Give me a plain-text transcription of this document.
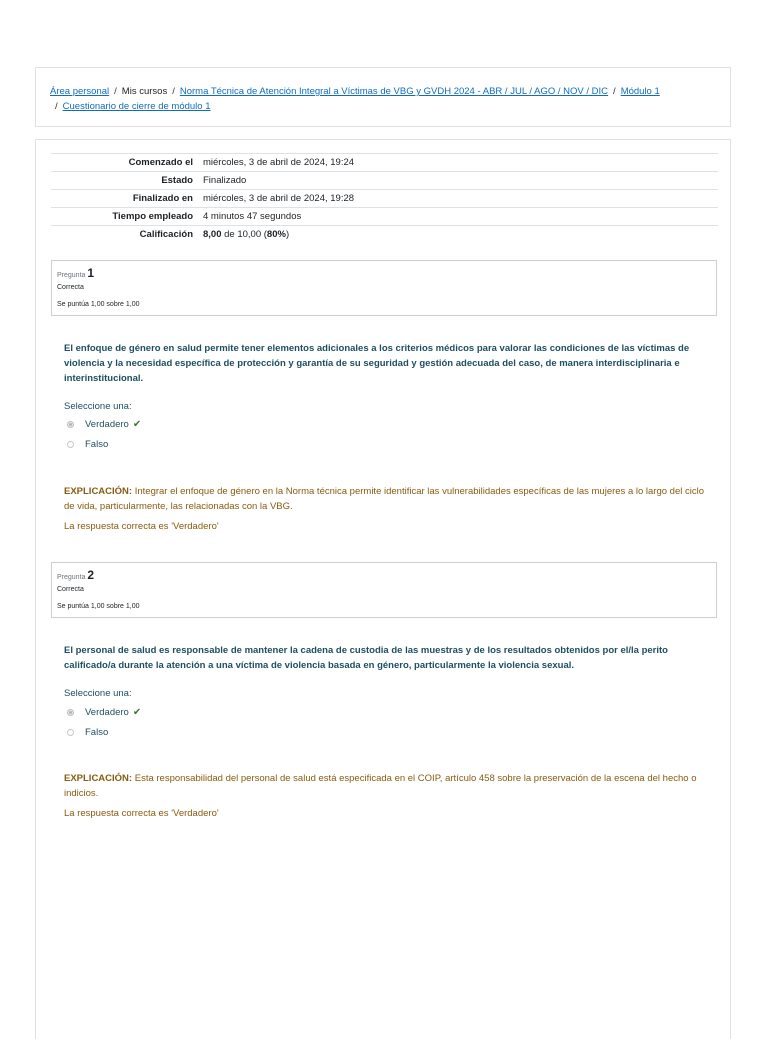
Área personal / Mis cursos / Norma Técnica de Atención Integral a Víctimas de VBG y GVDH 2024 - ABR / JUL / AGO / NOV / DIC / Módulo 1
/ Cuestionario de cierre de módulo 1
Comenzado el	miércoles, 3 de abril de 2024, 19:24
Estado	Finalizado
Finalizado en	miércoles, 3 de abril de 2024, 19:28
Tiempo empleado	4 minutos 47 segundos
Calificación	8,00 de 10,00 (80%)
Pregunta 1
Correcta
Se puntúa 1,00 sobre 1,00
El enfoque de género en salud permite tener elementos adicionales a los criterios médicos para valorar las condiciones de las víctimas de violencia y la necesidad específica de protección y garantía de su seguridad y gestión adecuada del caso, de manera interdisciplinaria e interinstitucional.
Seleccione una:
Verdadero ✔
Falso
EXPLICACIÓN: Integrar el enfoque de género en la Norma técnica permite identificar las vulnerabilidades específicas de las mujeres a lo largo del ciclo de vida, particularmente, las relacionadas con la VBG.
La respuesta correcta es 'Verdadero'
Pregunta 2
Correcta
Se puntúa 1,00 sobre 1,00
El personal de salud es responsable de mantener la cadena de custodia de las muestras y de los resultados obtenidos por el/la perito calificado/a durante la atención a una víctima de violencia basada en género, particularmente la violencia sexual.
Seleccione una:
Verdadero ✔
Falso
EXPLICACIÓN: Esta responsabilidad del personal de salud está especificada en el COIP, artículo 458 sobre la preservación de la escena del hecho o indicios.
La respuesta correcta es 'Verdadero'
